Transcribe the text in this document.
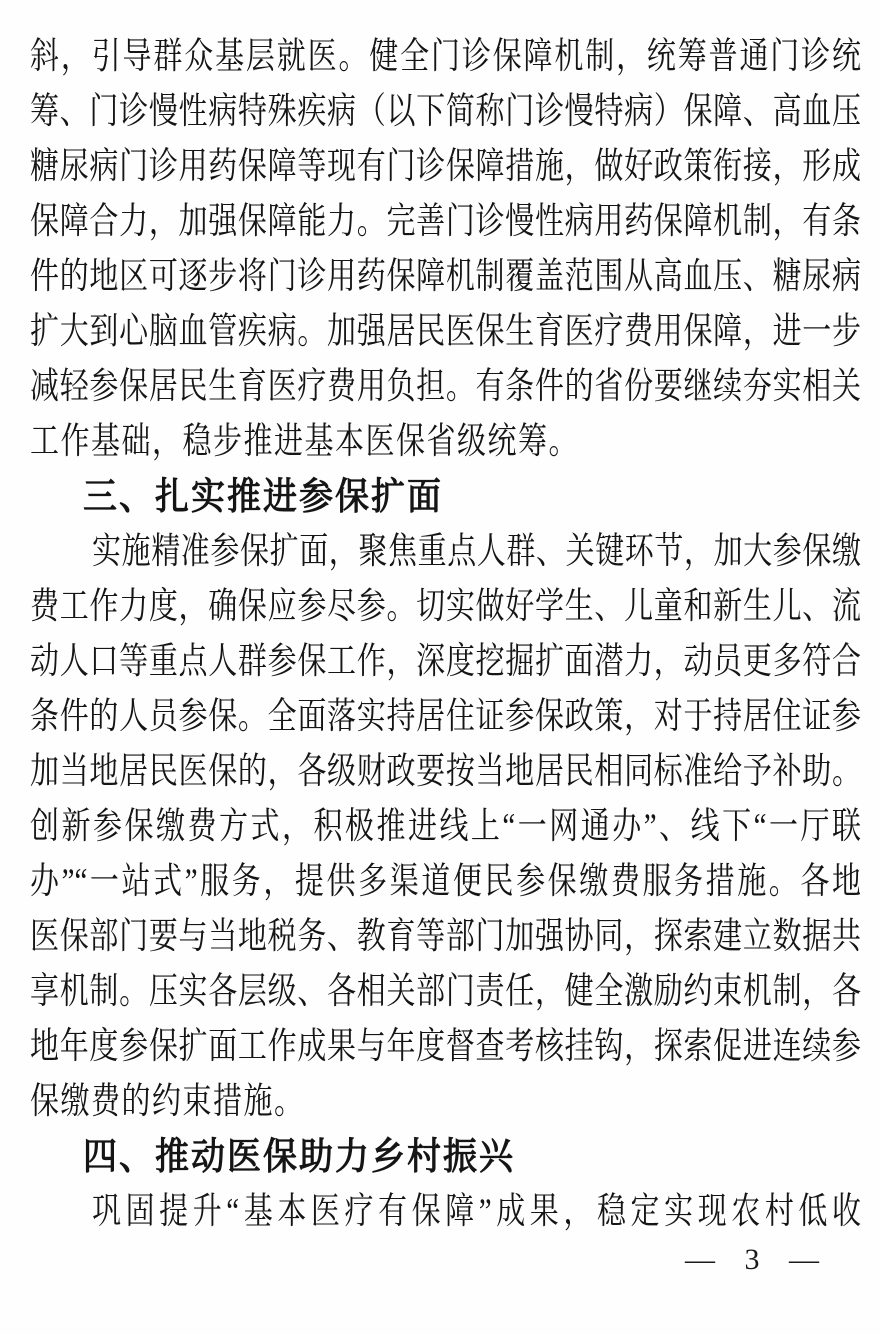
斜，引导群众基层就医。健全门诊保障机制，统筹普通门诊统
筹、门诊慢性病特殊疾病（以下简称门诊慢特病）保障、高血压
糖尿病门诊用药保障等现有门诊保障措施，做好政策衔接，形成
保障合力，加强保障能力。完善门诊慢性病用药保障机制，有条
件的地区可逐步将门诊用药保障机制覆盖范围从高血压、糖尿病
扩大到心脑血管疾病。加强居民医保生育医疗费用保障，进一步
减轻参保居民生育医疗费用负担。有条件的省份要继续夯实相关
工作基础，稳步推进基本医保省级统筹。
三、扎实推进参保扩面
实施精准参保扩面，聚焦重点人群、关键环节，加大参保缴
费工作力度，确保应参尽参。切实做好学生、儿童和新生儿、流
动人口等重点人群参保工作，深度挖掘扩面潜力，动员更多符合
条件的人员参保。全面落实持居住证参保政策，对于持居住证参
加当地居民医保的，各级财政要按当地居民相同标准给予补助。
创新参保缴费方式，积极推进线上“一网通办”、线下“一厅联
办”“一站式”服务，提供多渠道便民参保缴费服务措施。各地
医保部门要与当地税务、教育等部门加强协同，探索建立数据共
享机制。压实各层级、各相关部门责任，健全激励约束机制，各
地年度参保扩面工作成果与年度督查考核挂钩，探索促进连续参
保缴费的约束措施。
四、推动医保助力乡村振兴
巩固提升“基本医疗有保障”成果，稳定实现农村低收
— 3 —
